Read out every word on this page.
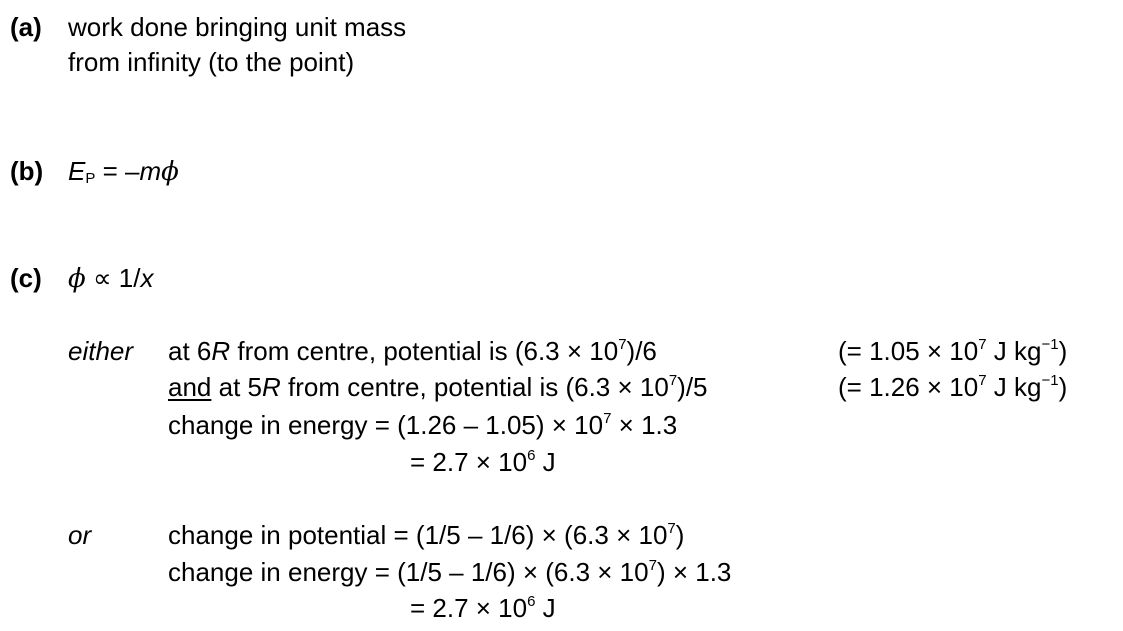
(a) work done bringing unit mass
from infinity (to the point)
(b) $E_P = -m\phi$
(c) ϕ ∝ 1/x
either at 6R from centre, potential is $(6.3 \times 10^7)/6$	(= $1.05 \times 10^7$ J $kg^{-1}$)
and at 5R from centre, potential is $(6.3 \times 10^7)/5$	(= $1.26 \times 10^7$ J $kg^{-1}$)
change in energy = $(1.26 - 1.05) \times 10^7 \times 1.3$
= $2.7 \times 10^6$ J
or	change in potential = $(1/5 - 1/6) \times (6.3 \times 10^7)$
change in energy = $(1/5 - 1/6) \times (6.3 \times 10^7) \times 1.3$
= $2.7 \times 10^6$ J
